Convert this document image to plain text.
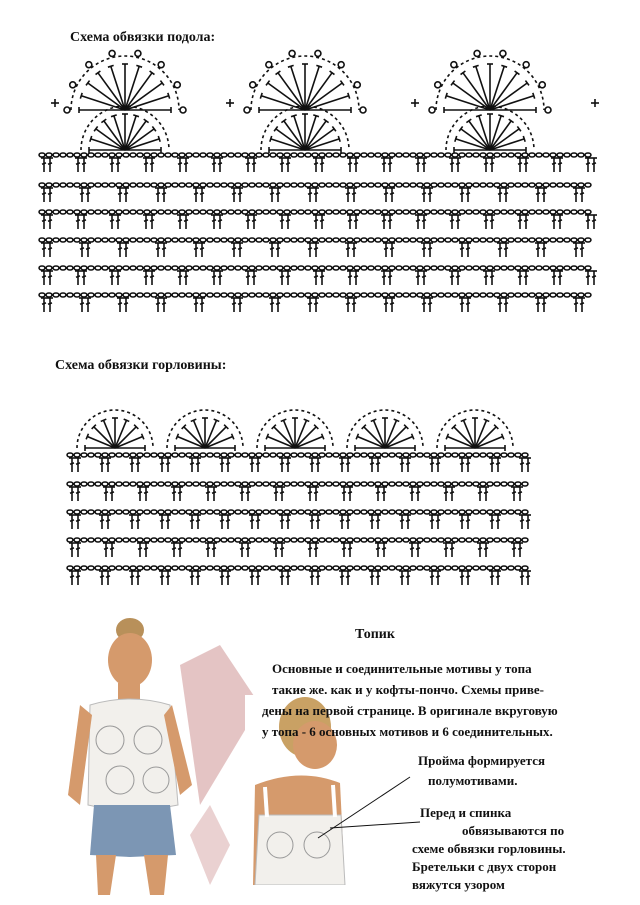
Схема обвязки подола:
Схема обвязки горловины:
Топик
Основные и соединительные мотивы у топа
такие же. как и у кофты-пончо. Схемы приве-
дены на первой странице. В оригинале вкруговую
у топа - 6 основных мотивов и 6 соединительных.
Пройма формируется
полумотивами.
Перед и спинка
обвязываются по
схеме обвязки горловины.
Бретельки с двух сторон
вяжутся узором
